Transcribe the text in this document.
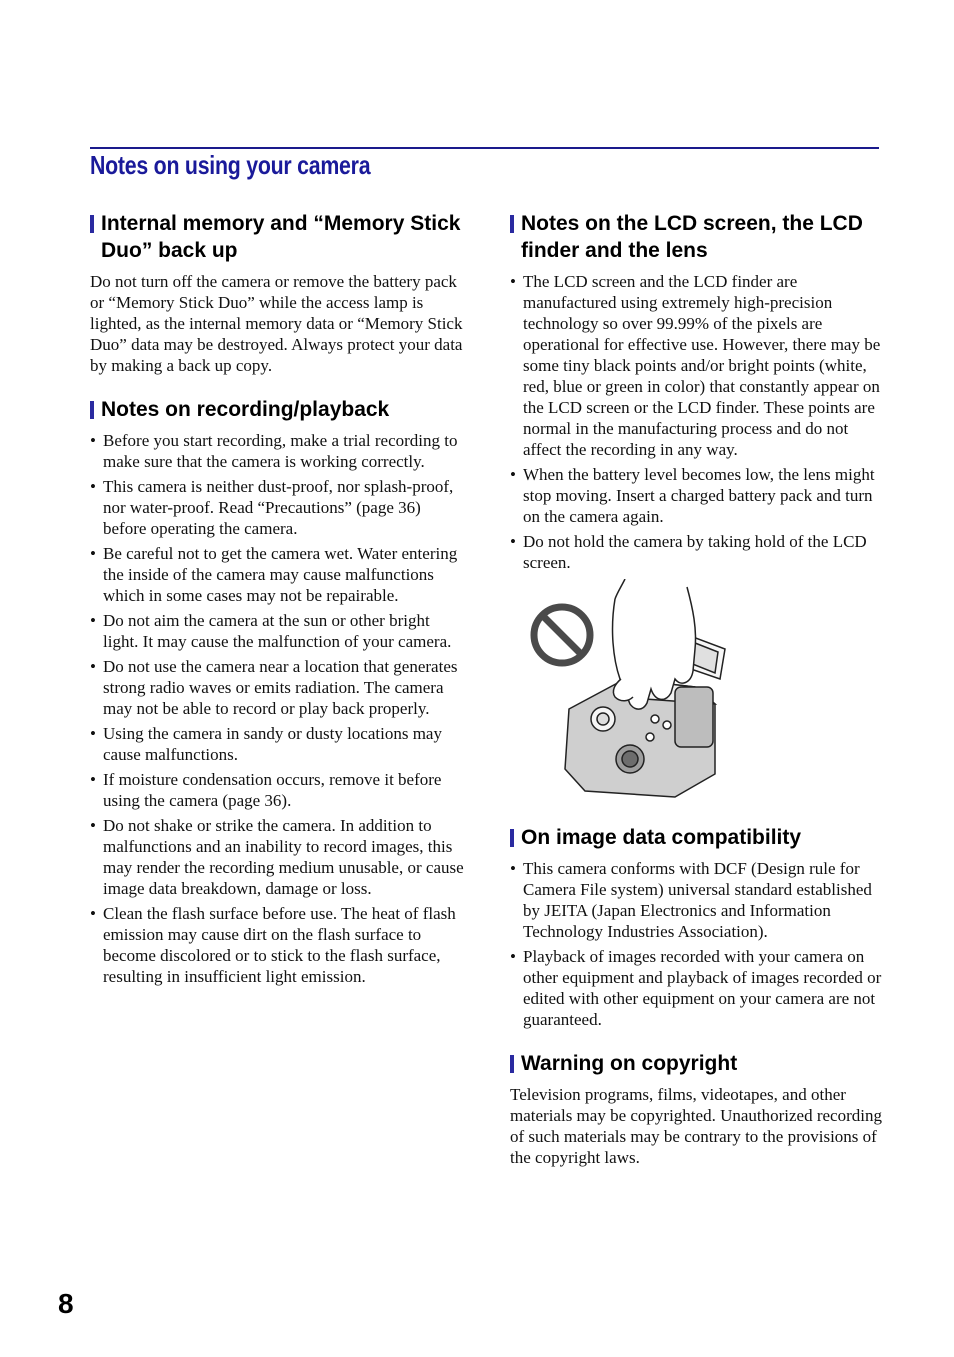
Notes on using your camera
Internal memory and “Memory Stick Duo” back up

Do not turn off the camera or remove the battery pack or “Memory Stick Duo” while the access lamp is lighted, as the internal memory data or “Memory Stick Duo” data may be destroyed. Always protect your data by making a back up copy.

Notes on recording/playback
• Before you start recording, make a trial recording to make sure that the camera is working correctly.
• This camera is neither dust-proof, nor splash-proof, nor water-proof. Read “Precautions” (page 36) before operating the camera.
• Be careful not to get the camera wet. Water entering the inside of the camera may cause malfunctions which in some cases may not be repairable.
• Do not aim the camera at the sun or other bright light. It may cause the malfunction of your camera.
• Do not use the camera near a location that generates strong radio waves or emits radiation. The camera may not be able to record or play back properly.
• Using the camera in sandy or dusty locations may cause malfunctions.
• If moisture condensation occurs, remove it before using the camera (page 36).
• Do not shake or strike the camera. In addition to malfunctions and an inability to record images, this may render the recording medium unusable, or cause image data breakdown, damage or loss.
• Clean the flash surface before use. The heat of flash emission may cause dirt on the flash surface to become discolored or to stick to the flash surface, resulting in insufficient light emission.
Notes on the LCD screen, the LCD finder and the lens
• The LCD screen and the LCD finder are manufactured using extremely high-precision technology so over 99.99% of the pixels are operational for effective use. However, there may be some tiny black points and/or bright points (white, red, blue or green in color) that constantly appear on the LCD screen or the LCD finder. These points are normal in the manufacturing process and do not affect the recording in any way.
• When the battery level becomes low, the lens might stop moving. Insert a charged battery pack and turn on the camera again.
• Do not hold the camera by taking hold of the LCD screen.
On image data compatibility
• This camera conforms with DCF (Design rule for Camera File system) universal standard established by JEITA (Japan Electronics and Information Technology Industries Association).
• Playback of images recorded with your camera on other equipment and playback of images recorded or edited with other equipment on your camera are not guaranteed.
Warning on copyright

Television programs, films, videotapes, and other materials may be copyrighted. Unauthorized recording of such materials may be contrary to the provisions of the copyright laws.

8
